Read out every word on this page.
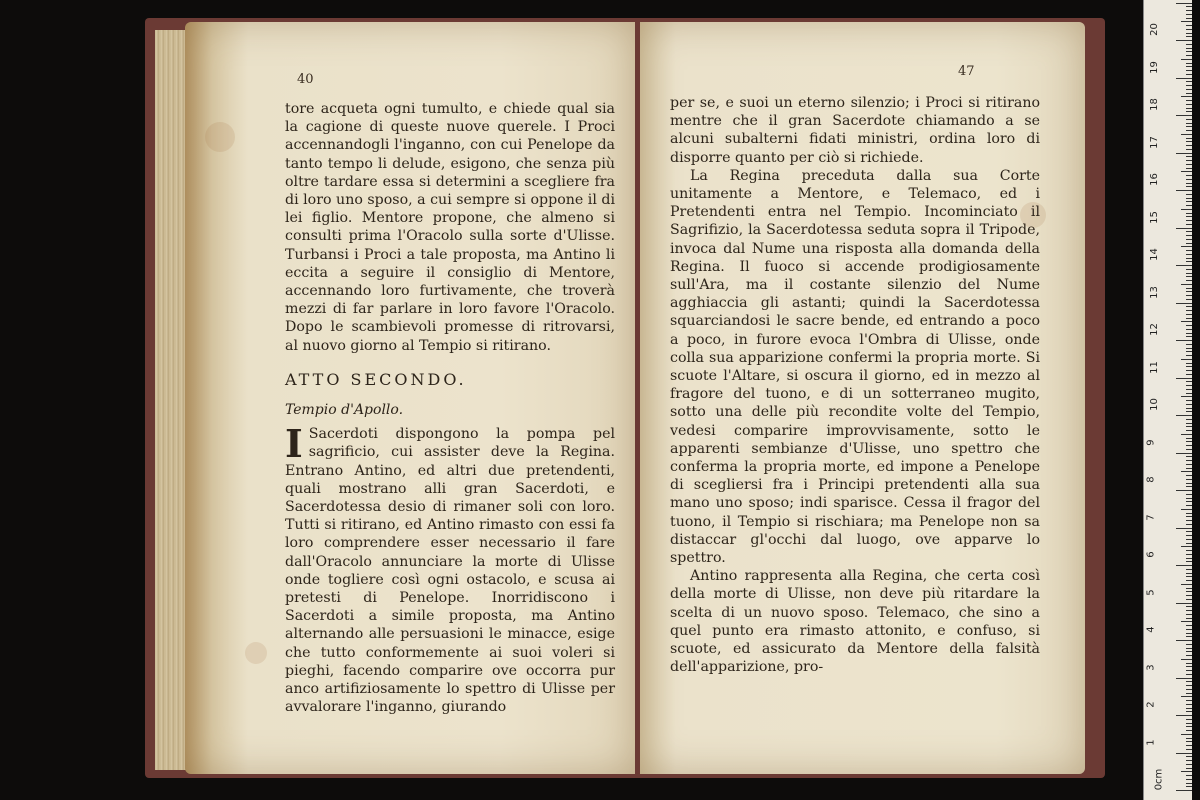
40

tore acqueta ogni tumulto, e chiede qual sia la cagione di queste nuove querele. I Proci accennandogli l'inganno, con cui Penelope da tanto tempo li delude, esigono, che senza più oltre tardare essa si determini a scegliere fra di loro uno sposo, a cui sempre si oppone il di lei figlio. Mentore propone, che almeno si consulti prima l'Oracolo sulla sorte d'Ulisse. Turbansi i Proci a tale proposta, ma Antino li eccita a seguire il consiglio di Mentore, accennando loro furtivamente, che troverà mezzi di far parlare in loro favore l'Oracolo. Dopo le scambievoli promesse di ritrovarsi, al nuovo giorno al Tempio si ritirano.

ATTO SECONDO.

Tempio d'Apollo.

I Sacerdoti dispongono la pompa pel sagrificio, cui assister deve la Regina. Entrano Antino, ed altri due pretendenti, quali mostrano alli gran Sacerdoti, e Sacerdotessa desio di rimaner soli con loro. Tutti si ritirano, ed Antino rimasto con essi fa loro comprendere esser necessario il fare dall'Oracolo annunciare la morte di Ulisse onde togliere così ogni ostacolo, e scusa ai pretesti di Penelope. Inorridiscono i Sacerdoti a simile proposta, ma Antino alternando alle persuasioni le minacce, esige che tutto conformemente ai suoi voleri si pieghi, facendo comparire ove occorra pur anco artifiziosamente lo spettro di Ulisse per avvalorare l'inganno, giurando

47

per se, e suoi un eterno silenzio; i Proci si ritirano mentre che il gran Sacerdote chiamando a se alcuni subalterni fidati ministri, ordina loro di disporre quanto per ciò si richiede.

La Regina preceduta dalla sua Corte unitamente a Mentore, e Telemaco, ed i Pretendenti entra nel Tempio. Incominciato il Sagrifizio, la Sacerdotessa seduta sopra il Tripode, invoca dal Nume una risposta alla domanda della Regina. Il fuoco si accende prodigiosamente sull'Ara, ma il costante silenzio del Nume agghiaccia gli astanti; quindi la Sacerdotessa squarciandosi le sacre bende, ed entrando a poco a poco, in furore evoca l'Ombra di Ulisse, onde colla sua apparizione confermi la propria morte. Si scuote l'Altare, si oscura il giorno, ed in mezzo al fragore del tuono, e di un sotterraneo mugito, sotto una delle più recondite volte del Tempio, vedesi comparire improvvisamente, sotto le apparenti sembianze d'Ulisse, uno spettro che conferma la propria morte, ed impone a Penelope di scegliersi fra i Principi pretendenti alla sua mano uno sposo; indi sparisce. Cessa il fragor del tuono, il Tempio si rischiara; ma Penelope non sa distaccar gl'occhi dal luogo, ove apparve lo spettro.

Antino rappresenta alla Regina, che certa così della morte di Ulisse, non deve più ritardare la scelta di un nuovo sposo. Telemaco, che sino a quel punto era rimasto attonito, e confuso, si scuote, ed assicurato da Mentore della falsità dell'apparizione, pro-

0cm
1
2
3
4
5
6
7
8
9
10
11
12
13
14
15
16
17
18
19
20
